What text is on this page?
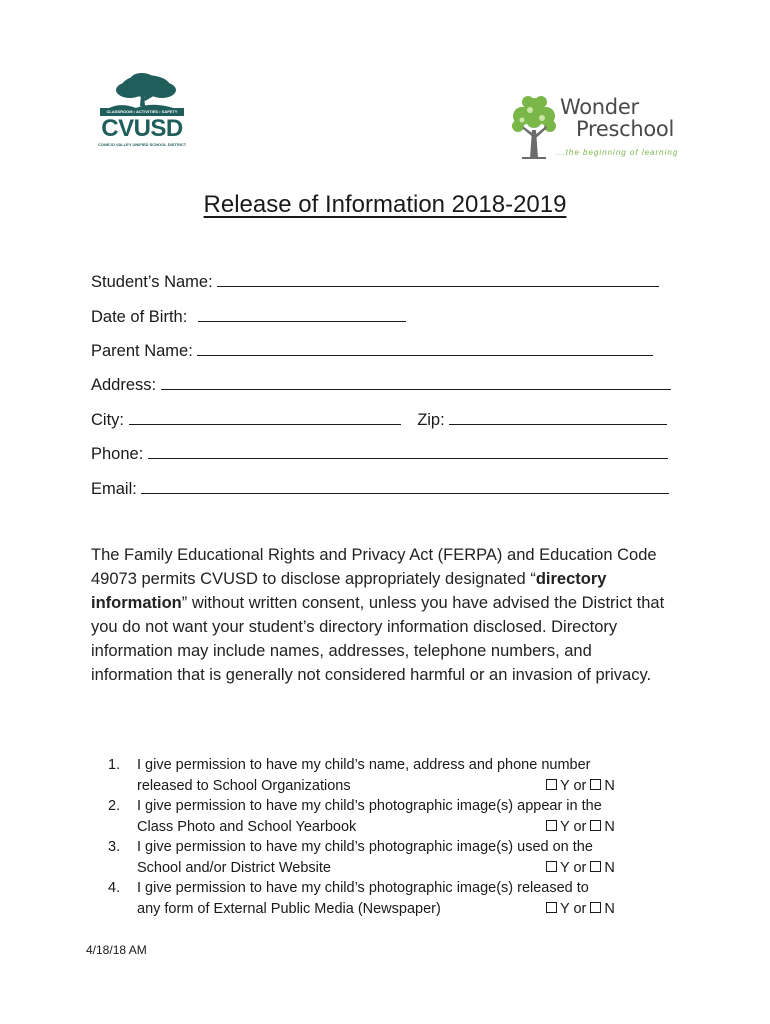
CLASSROOM • ACTIVITIES • SAFETY
CVUSD
CONEJO VALLEY UNIFIED SCHOOL DISTRICT
Wonder
Preschool
...the beginning of learning
Release of Information 2018-2019
Student’s Name:
Date of Birth:
Parent Name:
Address:
City:	Zip:
Phone:
Email:
The Family Educational Rights and Privacy Act (FERPA) and Education Code 49073 permits CVUSD to disclose appropriately designated “directory information” without written consent, unless you have advised the District that you do not want your student’s directory information disclosed. Directory information may include names, addresses, telephone numbers, and information that is generally not considered harmful or an invasion of privacy.
1. I give permission to have my child’s name, address and phone number
released to School Organizations	Y or N
2. I give permission to have my child’s photographic image(s) appear in the
Class Photo and School Yearbook	Y or N
3. I give permission to have my child’s photographic image(s) used on the
School and/or District Website	Y or N
4. I give permission to have my child’s photographic image(s) released to
any form of External Public Media (Newspaper)	Y or N
4/18/18 AM
